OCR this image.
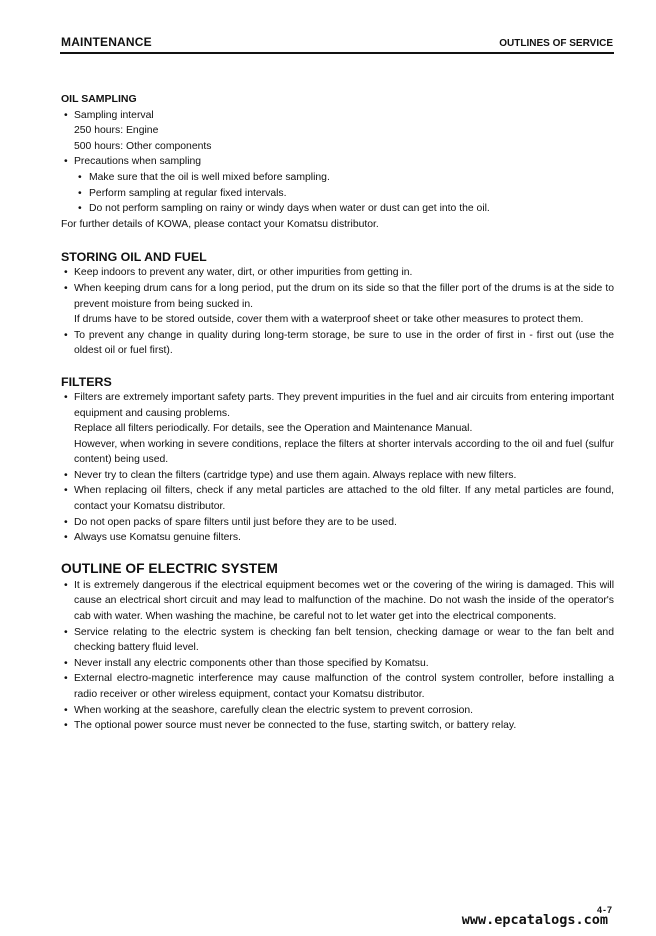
MAINTENANCE	OUTLINES OF SERVICE
OIL SAMPLING
• Sampling interval
250 hours: Engine
500 hours: Other components
• Precautions when sampling
• Make sure that the oil is well mixed before sampling.
• Perform sampling at regular fixed intervals.
• Do not perform sampling on rainy or windy days when water or dust can get into the oil.
For further details of KOWA, please contact your Komatsu distributor.
STORING OIL AND FUEL
• Keep indoors to prevent any water, dirt, or other impurities from getting in.
• When keeping drum cans for a long period, put the drum on its side so that the filler port of the drums is at the side to prevent moisture from being sucked in.
If drums have to be stored outside, cover them with a waterproof sheet or take other measures to protect them.
• To prevent any change in quality during long-term storage, be sure to use in the order of first in - first out (use the oldest oil or fuel first).
FILTERS
• Filters are extremely important safety parts. They prevent impurities in the fuel and air circuits from entering important equipment and causing problems.
Replace all filters periodically. For details, see the Operation and Maintenance Manual.
However, when working in severe conditions, replace the filters at shorter intervals according to the oil and fuel (sulfur content) being used.
• Never try to clean the filters (cartridge type) and use them again. Always replace with new filters.
• When replacing oil filters, check if any metal particles are attached to the old filter. If any metal particles are found, contact your Komatsu distributor.
• Do not open packs of spare filters until just before they are to be used.
• Always use Komatsu genuine filters.
OUTLINE OF ELECTRIC SYSTEM
• It is extremely dangerous if the electrical equipment becomes wet or the covering of the wiring is damaged. This will cause an electrical short circuit and may lead to malfunction of the machine. Do not wash the inside of the operator's cab with water. When washing the machine, be careful not to let water get into the electrical components.
• Service relating to the electric system is checking fan belt tension, checking damage or wear to the fan belt and checking battery fluid level.
• Never install any electric components other than those specified by Komatsu.
• External electro-magnetic interference may cause malfunction of the control system controller, before installing a radio receiver or other wireless equipment, contact your Komatsu distributor.
• When working at the seashore, carefully clean the electric system to prevent corrosion.
• The optional power source must never be connected to the fuse, starting switch, or battery relay.
4-7
www.epcatalogs.com
